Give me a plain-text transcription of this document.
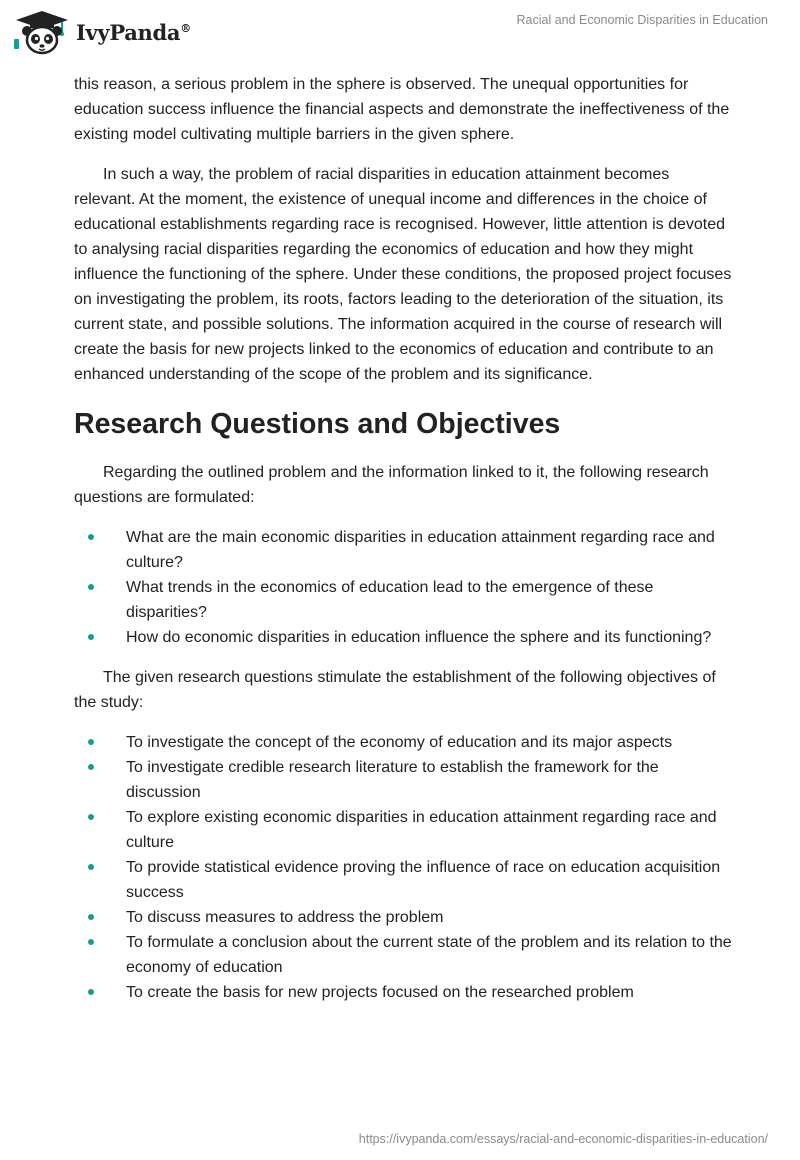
IvyPanda®
Racial and Economic Disparities in Education

this reason, a serious problem in the sphere is observed. The unequal opportunities for education success influence the financial aspects and demonstrate the ineffectiveness of the existing model cultivating multiple barriers in the given sphere.

In such a way, the problem of racial disparities in education attainment becomes relevant. At the moment, the existence of unequal income and differences in the choice of educational establishments regarding race is recognised. However, little attention is devoted to analysing racial disparities regarding the economics of education and how they might influence the functioning of the sphere. Under these conditions, the proposed project focuses on investigating the problem, its roots, factors leading to the deterioration of the situation, its current state, and possible solutions. The information acquired in the course of research will create the basis for new projects linked to the economics of education and contribute to an enhanced understanding of the scope of the problem and its significance.

Research Questions and Objectives

Regarding the outlined problem and the information linked to it, the following research questions are formulated:

What are the main economic disparities in education attainment regarding race and culture?
What trends in the economics of education lead to the emergence of these disparities?
How do economic disparities in education influence the sphere and its functioning?

The given research questions stimulate the establishment of the following objectives of the study:

To investigate the concept of the economy of education and its major aspects
To investigate credible research literature to establish the framework for the discussion
To explore existing economic disparities in education attainment regarding race and culture
To provide statistical evidence proving the influence of race on education acquisition success
To discuss measures to address the problem
To formulate a conclusion about the current state of the problem and its relation to the economy of education
To create the basis for new projects focused on the researched problem
https://ivypanda.com/essays/racial-and-economic-disparities-in-education/
